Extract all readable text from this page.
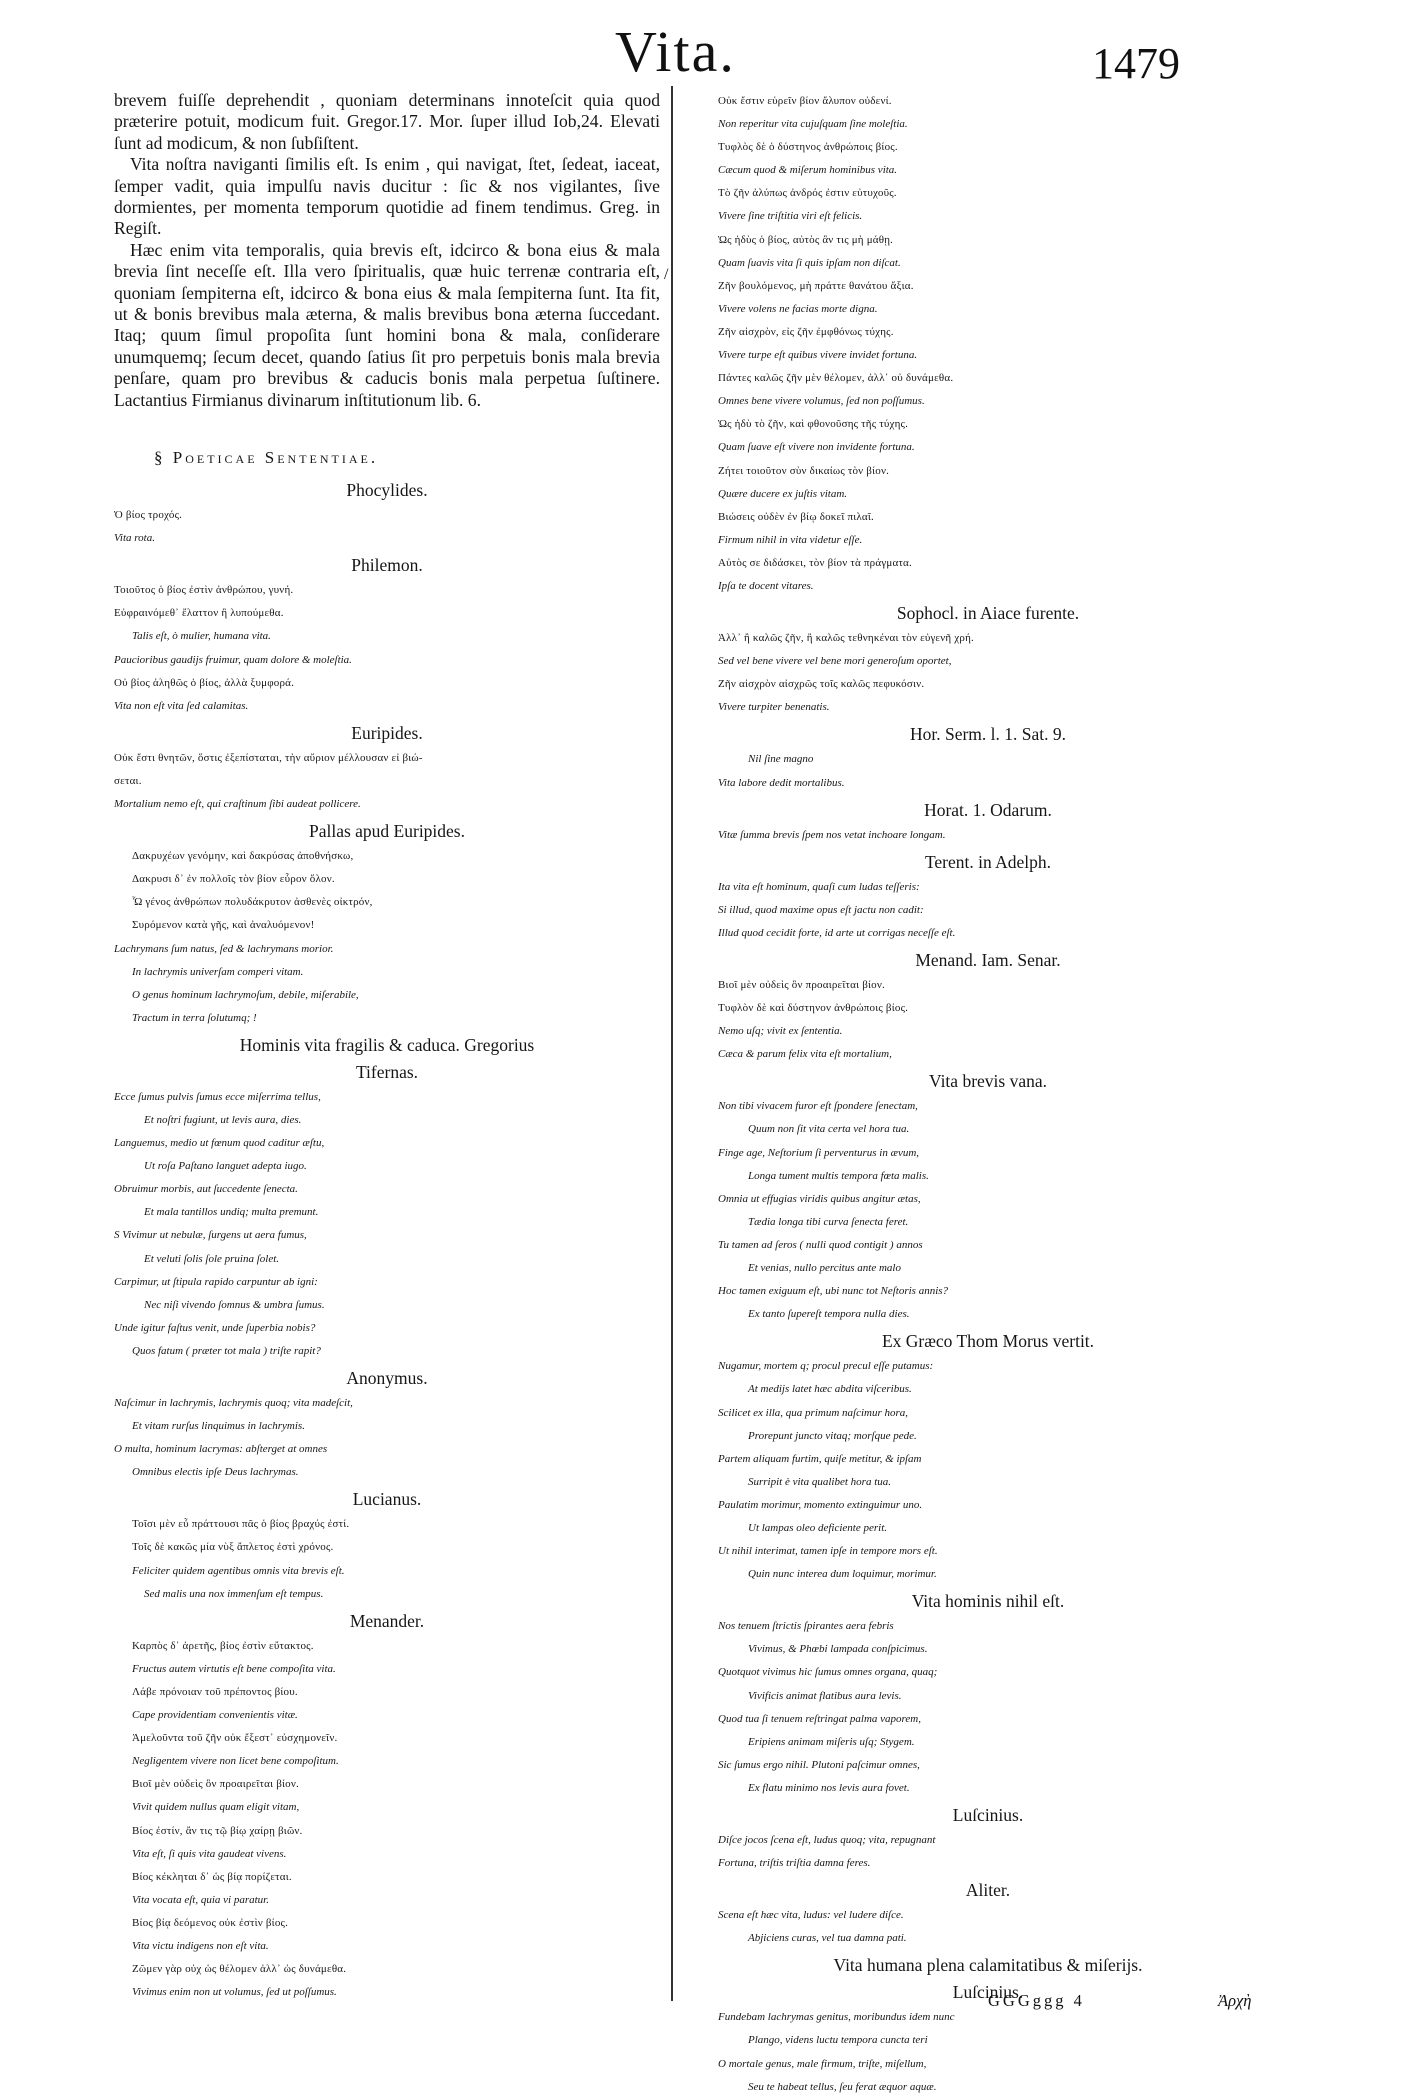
Vita.	1479
/

brevem fuiſſe deprehendit , quoniam determinans innoteſcit quia quod præterire potuit, modicum fuit. Gregor.17. Mor. ſuper illud Iob,24. Elevati ſunt ad modicum, & non ſubſiſtent.

Vita noſtra naviganti ſimilis eſt. Is enim , qui navigat, ſtet, ſedeat, iaceat, ſemper vadit, quia impulſu navis ducitur : ſic & nos vigilantes, ſive dormientes, per momenta temporum quotidie ad finem tendimus. Greg. in Regiſt.

Hæc enim vita temporalis, quia brevis eſt, idcirco & bona eius & mala brevia ſint neceſſe eſt. Illa vero ſpiritualis, quæ huic terrenæ contraria eſt, quoniam ſempiterna eſt, idcirco & bona eius & mala ſempiterna ſunt. Ita fit, ut & bonis brevibus mala æterna, & malis brevibus bona æterna ſuccedant. Itaq; quum ſimul propoſita ſunt homini bona & mala, conſiderare unumquemq; ſecum decet, quando ſatius ſit pro perpetuis bonis mala brevia penſare, quam pro brevibus & caducis bonis mala perpetua ſuſtinere. Lactantius Firmianus divinarum inſtitutionum lib. 6.

§ Poeticae Sententiae.
Phocylides.
Ὁ βίος τροχός.
Vita rota.
Philemon.
Τοιοῦτος ὁ βίος ἐστὶν ἀνθρώπου, γυνή.
Εὐφραινόμεθ᾽ ἔλαττον ἢ λυπούμεθα.
Talis eſt, ò mulier, humana vita.
Paucioribus gaudijs fruimur, quam dolore & moleſtia.
Οὐ βίος ἀληθῶς ὁ βίος, ἀλλὰ ξυμφορά.
Vita non eſt vita ſed calamitas.
Euripides.
Οὐκ ἔστι θνητῶν, ὅστις ἐξεπίσταται, τὴν αὔριον μέλλουσαν εἰ βιώ-
σεται.
Mortalium nemo eſt, qui craſtinum ſibi audeat pollicere.
Pallas apud Euripides.
Δακρυχέων γενόμην, καὶ δακρύσας ἀποθνήσκω,
Δακρυσι δ᾽ ἐν πολλοῖς τὸν βίον εὗρον ὅλον.
Ὦ γένος ἀνθρώπων πολυδάκρυτον ἀσθενὲς οἰκτρόν,
Συρόμενον κατὰ γῆς, καὶ ἀναλυόμενον!
Lachrymans ſum natus, ſed & lachrymans morior.
In lachrymis univerſam comperi vitam.
O genus hominum lachrymoſum, debile, miſerabile,
Tractum in terra ſolutumq; !
Hominis vita fragilis & caduca. Gregorius
Tifernas.
Ecce ſumus pulvis ſumus ecce miſerrima tellus,
Et noſtri fugiunt, ut levis aura, dies.
Languemus, medio ut fœnum quod caditur æſtu,
Ut roſa Paſtano languet adepta iugo.
Obruimur morbis, aut ſuccedente ſenecta.
Et mala tantillos undiq; multa premunt.
S Vivimur ut nebulæ, ſurgens ut aera fumus,
Et veluti ſolis ſole pruina ſolet.
Carpimur, ut ſtipula rapido carpuntur ab igni:
Nec niſi vivendo ſomnus & umbra ſumus.
Unde igitur faſtus venit, unde ſuperbia nobis?
Quos fatum ( præter tot mala ) triſte rapit?
Anonymus.
Naſcimur in lachrymis, lachrymis quoq; vita madeſcit,
Et vitam rurſus linquimus in lachrymis.
O multa, hominum lacrymas: abſterget at omnes
Omnibus electis ipſe Deus lachrymas.
Lucianus.
Τοῖσι μὲν εὖ πράττουσι πᾶς ὁ βίος βραχύς ἐστί.
Τοῖς δὲ κακῶς μία νὺξ ἄπλετος ἐστὶ χρόνος.
Feliciter quidem agentibus omnis vita brevis eſt.
Sed malis una nox immenſum eſt tempus.
Menander.
Καρπὸς δ᾽ ἀρετῆς, βίος ἐστὶν εὔτακτος.
Fructus autem virtutis eſt bene compoſita vita.
Λάβε πρόνοιαν τοῦ πρέποντος βίου.
Cape providentiam convenientis vitæ.
Ἀμελοῦντα τοῦ ζῆν οὐκ ἔξεστ᾽ εὐσχημονεῖν.
Negligentem vivere non licet bene compoſitum.
Βιοῖ μὲν οὐδεὶς ὃν προαιρεῖται βίον.
Vivit quidem nullus quam eligit vitam,
Βίος ἐστίν, ἄν τις τῷ βίῳ χαίρῃ βιῶν.
Vita eſt, ſi quis vita gaudeat vivens.
Βίος κέκληται δ᾽ ὡς βίᾳ πορίζεται.
Vita vocata eſt, quia vi paratur.
Βίος βίᾳ δεόμενος οὐκ ἐστὶν βίος.
Vita victu indigens non eſt vita.
Ζῶμεν γὰρ οὐχ ὡς θέλομεν ἀλλ᾽ ὡς δυνάμεθα.
Vivimus enim non ut volumus, ſed ut poſſumus.
Οὐκ ἔστιν εὑρεῖν βίον ἄλυπον οὐδενί.
Non reperitur vita cujuſquam ſine moleſtia.
Τυφλὸς δὲ ὁ δύστηνος ἀνθρώποις βίος.
Cæcum quod & miſerum hominibus vita.
Τὸ ζῆν ἀλύπως ἀνδρός ἐστιν εὐτυχοῦς.
Vivere ſine triſtitia viri eſt felicis.
Ὡς ἡδὺς ὁ βίος, αὐτὸς ἂν τις μὴ μάθῃ.
Quam ſuavis vita ſi quis ipſam non diſcat.
Ζῆν βουλόμενος, μὴ πράττε θανάτου ἄξια.
Vivere volens ne facias morte digna.
Ζῆν αἰσχρὸν, εἰς ζῆν ἐμφθόνως τύχης.
Vivere turpe eſt quibus vivere invidet fortuna.
Πάντες καλῶς ζῆν μὲν θέλομεν, ἀλλ᾽ οὐ δυνάμεθα.
Omnes bene vivere volumus, ſed non poſſumus.
Ὡς ἡδὺ τὸ ζῆν, καὶ φθονοῦσης τῆς τύχης.
Quam ſuave eſt vivere non invidente fortuna.
Ζήτει τοιοῦτον σὺν δικαίως τὸν βίον.
Quære ducere ex juſtis vitam.
Βιώσεις οὐδὲν ἐν βίῳ δοκεῖ πιλαῖ.
Firmum nihil in vita videtur eſſe.
Αὐτὸς σε διδάσκει, τὸν βίον τὰ πράγματα.
Ipſa te docent vitares.
Sophocl. in Aiace furente.
Ἀλλ᾽ ἢ καλῶς ζῆν, ἢ καλῶς τεθνηκέναι τὸν εὐγενῆ χρή.
Sed vel bene vivere vel bene mori generoſum oportet,
Ζῆν αἰσχρὸν αἰσχρῶς τοῖς καλῶς πεφυκόσιν.
Vivere turpiter benenatis.
Hor. Serm. l. 1. Sat. 9.
Nil ſine magno
Vita labore dedit mortalibus.
Horat. 1. Odarum.
Vitæ ſumma brevis ſpem nos vetat inchoare longam.
Terent. in Adelph.
Ita vita eſt hominum, quaſi cum ludas teſſeris:
Si illud, quod maxime opus eſt jactu non cadit:
Illud quod cecidit forte, id arte ut corrigas neceſſe eſt.
Menand. Iam. Senar.
Βιοῖ μὲν οὐδεὶς ὃν προαιρεῖται βίον.
Τυφλὸν δὲ καὶ δύστηνον ἀνθρώποις βίος.
Nemo uſq; vivit ex ſententia.
Cæca & parum felix vita eſt mortalium,
Vita brevis vana.
Non tibi vivacem furor eſt ſpondere ſenectam,
Quum non ſit vita certa vel hora tua.
Finge age, Neſtorium ſi perventurus in ævum,
Longa tument multis tempora fœta malis.
Omnia ut effugias viridis quibus angitur ætas,
Tædia longa tibi curva ſenecta feret.
Tu tamen ad ſeros ( nulli quod contigit ) annos
Et venias, nullo percitus ante malo
Hoc tamen exiguum eſt, ubi nunc tot Neſtoris annis?
Ex tanto ſupereſt tempora nulla dies.
Ex Græco Thom Morus vertit.
Nugamur, mortem q; procul precul eſſe putamus:
At medijs latet hæc abdita viſceribus.
Scilicet ex illa, qua primum naſcimur hora,
Prorepunt juncto vitaq; morſque pede.
Partem aliquam furtim, quiſe metitur, & ipſam
Surripit è vita qualibet hora tua.
Paulatim morimur, momento extinguimur uno.
Ut lampas oleo deficiente perit.
Ut nihil interimat, tamen ipſe in tempore mors eſt.
Quin nunc interea dum loquimur, morimur.
Vita hominis nihil eſt.
Nos tenuem ſtrictis ſpirantes aera febris
Vivimus, & Phœbi lampada conſpicimus.
Quotquot vivimus hic ſumus omnes organa, quaq;
Vivificis animat flatibus aura levis.
Quod tua ſi tenuem reſtringat palma vaporem,
Eripiens animam miſeris uſq; Stygem.
Sic ſumus ergo nihil. Plutoni paſcimur omnes,
Ex flatu minimo nos levis aura fovet.
Luſcinius.
Diſce jocos ſcena eſt, ludus quoq; vita, repugnant
Fortuna, triſtis triſtia damna feres.
Aliter.
Scena eſt hæc vita, ludus: vel ludere diſce.
Abjiciens curas, vel tua damna pati.
Vita humana plena calamitatibus & miſerijs.
Luſcinius.
Fundebam lachrymas genitus, moribundus idem nunc
Plango, videns luctu tempora cuncta teri
O mortale genus, male firmum, triſte, miſellum,
Seu te habeat tellus, ſeu ferat æquor aquæ.
GGGggg 4	Ἀρχὴ
